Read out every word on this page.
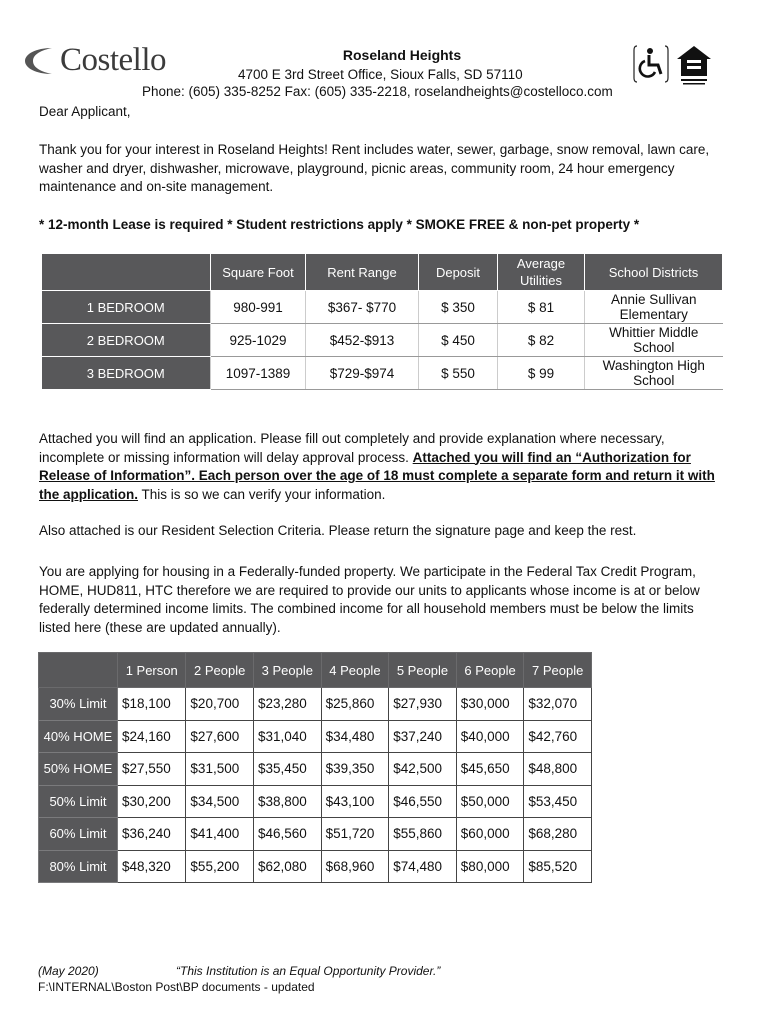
Costello	Roseland Heights
4700 E 3rd Street Office, Sioux Falls, SD 57110
Phone: (605) 335-8252 Fax: (605) 335-2218, roselandheights@costelloco.com
Dear Applicant,
Thank you for your interest in Roseland Heights! Rent includes water, sewer, garbage, snow removal, lawn care, washer and dryer, dishwasher, microwave, playground, picnic areas, community room, 24 hour emergency maintenance and on-site management.
* 12-month Lease is required * Student restrictions apply * SMOKE FREE & non-pet property *
	Square Foot	Rent Range	Deposit	Average Utilities	School Districts
1 BEDROOM	980-991	$367- $770	$ 350	$ 81	Annie Sullivan Elementary
2 BEDROOM	925-1029	$452-$913	$ 450	$ 82	Whittier Middle School
3 BEDROOM	1097-1389	$729-$974	$ 550	$ 99	Washington High School
Attached you will find an application. Please fill out completely and provide explanation where necessary, incomplete or missing information will delay approval process. Attached you will find an “Authorization for Release of Information”. Each person over the age of 18 must complete a separate form and return it with the application. This is so we can verify your information.
Also attached is our Resident Selection Criteria. Please return the signature page and keep the rest.
You are applying for housing in a Federally-funded property. We participate in the Federal Tax Credit Program, HOME, HUD811, HTC therefore we are required to provide our units to applicants whose income is at or below federally determined income limits. The combined income for all household members must be below the limits listed here (these are updated annually).
	1 Person	2 People	3 People	4 People	5 People	6 People	7 People
30% Limit	$18,100	$20,700	$23,280	$25,860	$27,930	$30,000	$32,070
40% HOME	$24,160	$27,600	$31,040	$34,480	$37,240	$40,000	$42,760
50% HOME	$27,550	$31,500	$35,450	$39,350	$42,500	$45,650	$48,800
50% Limit	$30,200	$34,500	$38,800	$43,100	$46,550	$50,000	$53,450
60% Limit	$36,240	$41,400	$46,560	$51,720	$55,860	$60,000	$68,280
80% Limit	$48,320	$55,200	$62,080	$68,960	$74,480	$80,000	$85,520
(May 2020)	“This Institution is an Equal Opportunity Provider.”
F:\INTERNAL\Boston Post\BP documents - updated
